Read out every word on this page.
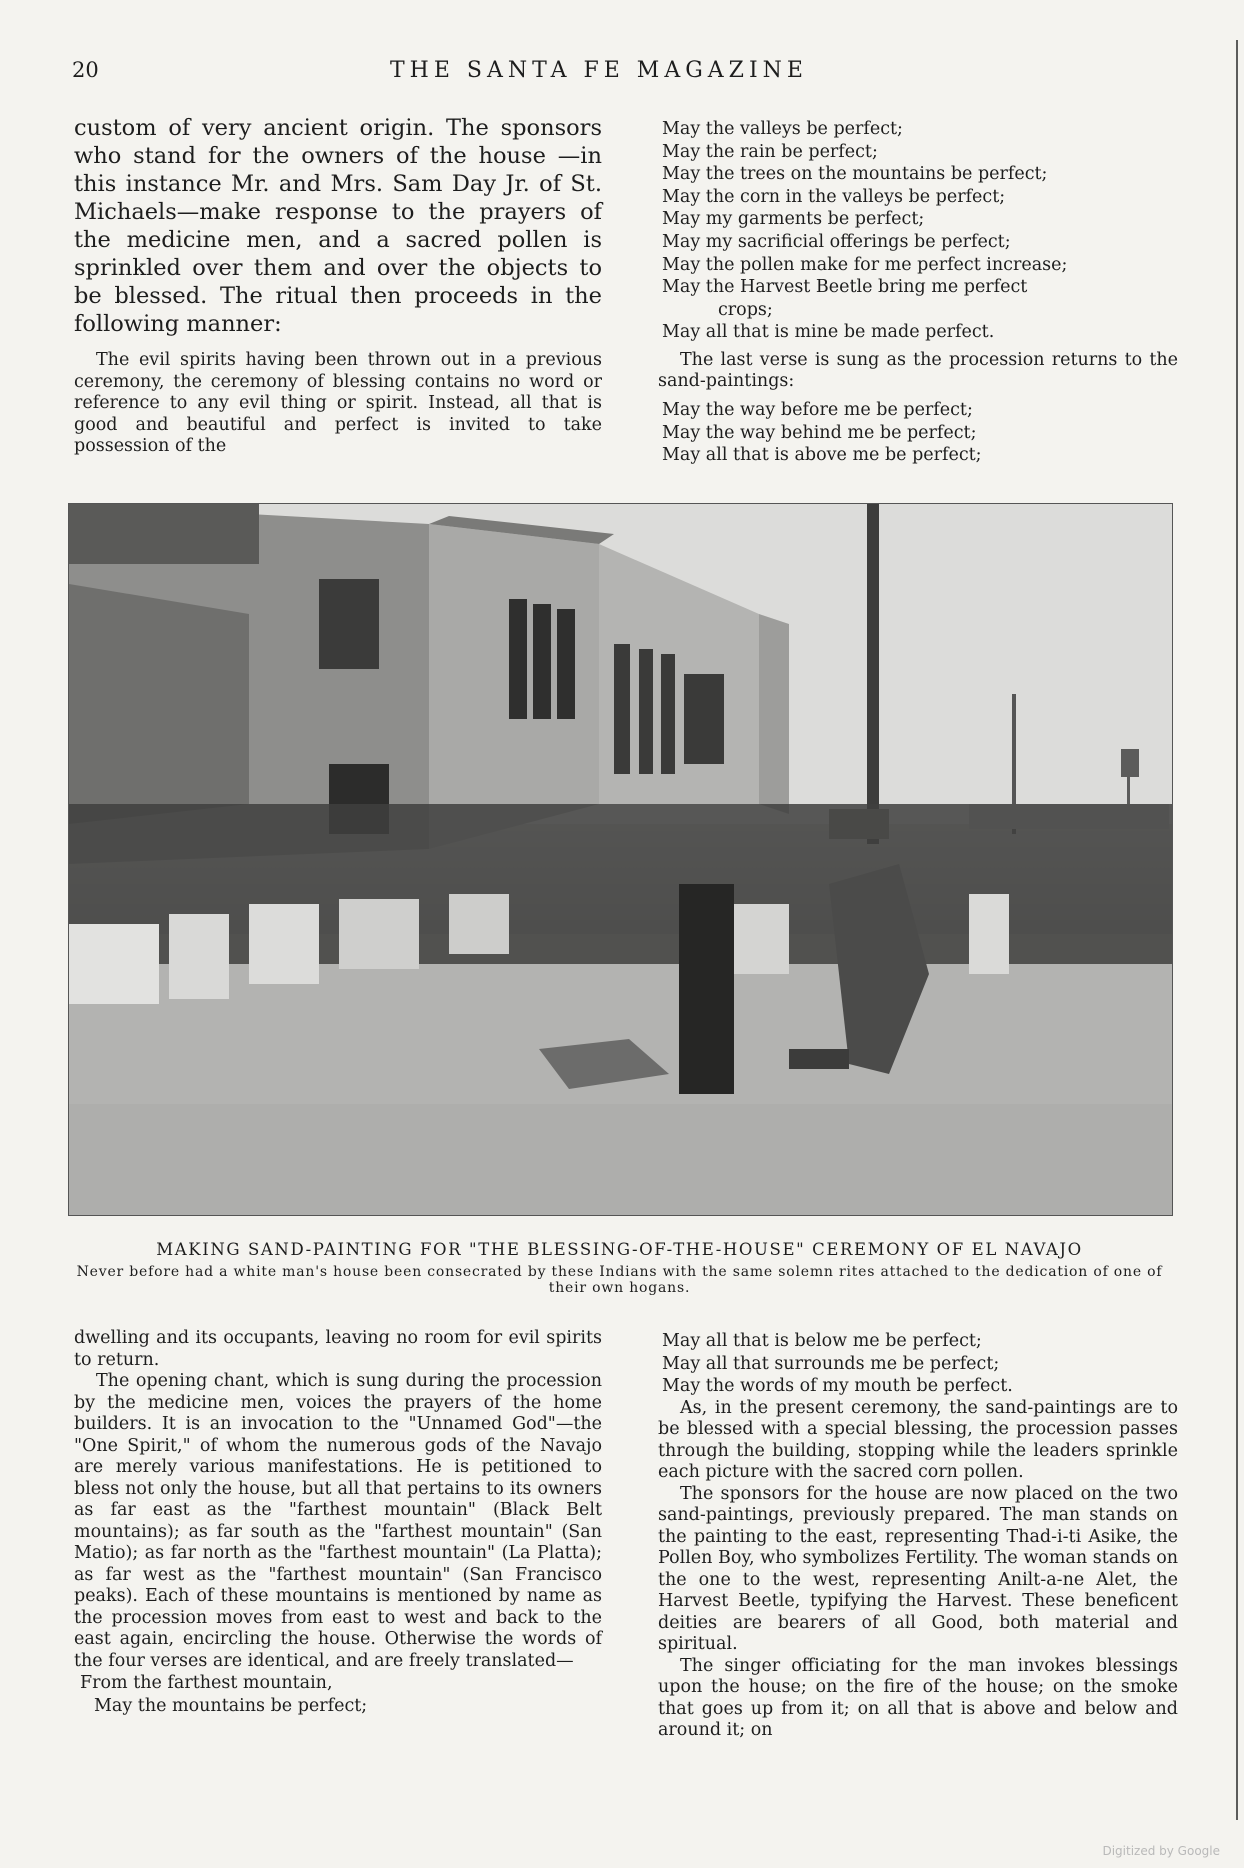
20	THE SANTA FE MAGAZINE

custom of very ancient origin. The sponsors who stand for the owners of the house —in this instance Mr. and Mrs. Sam Day Jr. of St. Michaels—make response to the prayers of the medicine men, and a sacred pollen is sprinkled over them and over the objects to be blessed. The ritual then proceeds in the following manner:

The evil spirits having been thrown out in a previous ceremony, the ceremony of blessing contains no word or reference to any evil thing or spirit. Instead, all that is good and beautiful and perfect is invited to take possession of the

May the valleys be perfect;
May the rain be perfect;
May the trees on the mountains be perfect;
May the corn in the valleys be perfect;
May my garments be perfect;
May my sacrificial offerings be perfect;
May the pollen make for me perfect increase;
May the Harvest Beetle bring me perfect
crops;
May all that is mine be made perfect.

The last verse is sung as the procession returns to the sand-paintings:

May the way before me be perfect;
May the way behind me be perfect;
May all that is above me be perfect;
MAKING SAND-PAINTING FOR "THE BLESSING-OF-THE-HOUSE" CEREMONY OF EL NAVAJO
Never before had a white man's house been consecrated by these Indians with the same solemn rites attached to the dedication of one of their own hogans.

dwelling and its occupants, leaving no room for evil spirits to return.

The opening chant, which is sung during the procession by the medicine men, voices the prayers of the home builders. It is an invocation to the "Unnamed God"—the "One Spirit," of whom the numerous gods of the Navajo are merely various manifestations. He is petitioned to bless not only the house, but all that pertains to its owners as far east as the "farthest mountain" (Black Belt mountains); as far south as the "farthest mountain" (San Matio); as far north as the "farthest mountain" (La Platta); as far west as the "farthest mountain" (San Francisco peaks). Each of these mountains is mentioned by name as the procession moves from east to west and back to the east again, encircling the house. Otherwise the words of the four verses are identical, and are freely translated—

From the farthest mountain,
May the mountains be perfect;
May all that is below me be perfect;
May all that surrounds me be perfect;
May the words of my mouth be perfect.

As, in the present ceremony, the sand-paintings are to be blessed with a special blessing, the procession passes through the building, stopping while the leaders sprinkle each picture with the sacred corn pollen.

The sponsors for the house are now placed on the two sand-paintings, previously prepared. The man stands on the painting to the east, representing Thad-i-ti Asike, the Pollen Boy, who symbolizes Fertility. The woman stands on the one to the west, representing Anilt-a-ne Alet, the Harvest Beetle, typifying the Harvest. These beneficent deities are bearers of all Good, both material and spiritual.

The singer officiating for the man invokes blessings upon the house; on the fire of the house; on the smoke that goes up from it; on all that is above and below and around it; on

Digitized by Google
